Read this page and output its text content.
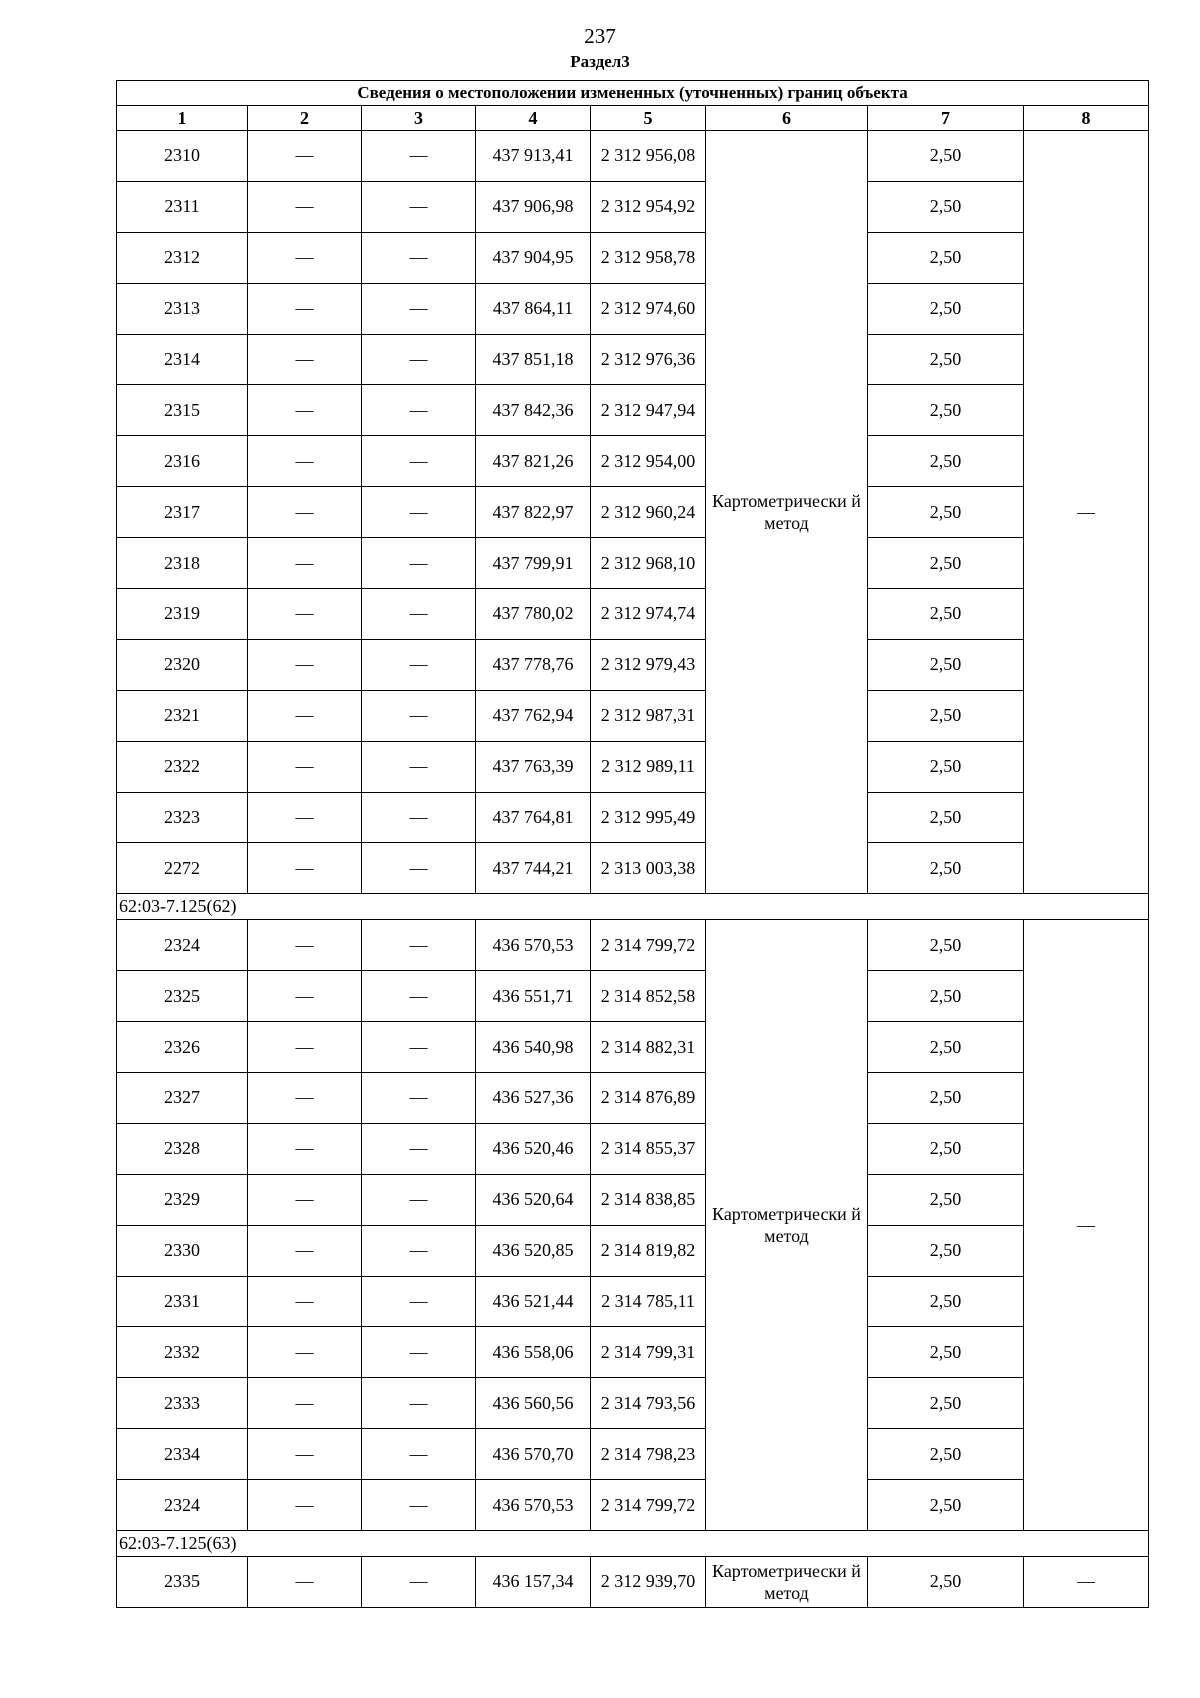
237
Раздел3
Сведения о местоположении измененных (уточненных) границ объекта							
1	2	3	4	5	6	7	8
2310	—	—	437 913,41	2 312 956,08	Картометрически й метод	2,50	—
2311	—	—	437 906,98	2 312 954,92		2,50	
2312	—	—	437 904,95	2 312 958,78		2,50	
2313	—	—	437 864,11	2 312 974,60		2,50	
2314	—	—	437 851,18	2 312 976,36		2,50	
2315	—	—	437 842,36	2 312 947,94		2,50	
2316	—	—	437 821,26	2 312 954,00		2,50	
2317	—	—	437 822,97	2 312 960,24		2,50	
2318	—	—	437 799,91	2 312 968,10		2,50	
2319	—	—	437 780,02	2 312 974,74		2,50	
2320	—	—	437 778,76	2 312 979,43		2,50	
2321	—	—	437 762,94	2 312 987,31		2,50	
2322	—	—	437 763,39	2 312 989,11		2,50	
2323	—	—	437 764,81	2 312 995,49		2,50	
2272	—	—	437 744,21	2 313 003,38		2,50	
62:03-7.125(62)							
2324	—	—	436 570,53	2 314 799,72	Картометрически й метод	2,50	—
2325	—	—	436 551,71	2 314 852,58		2,50	
2326	—	—	436 540,98	2 314 882,31		2,50	
2327	—	—	436 527,36	2 314 876,89		2,50	
2328	—	—	436 520,46	2 314 855,37		2,50	
2329	—	—	436 520,64	2 314 838,85		2,50	
2330	—	—	436 520,85	2 314 819,82		2,50	
2331	—	—	436 521,44	2 314 785,11		2,50	
2332	—	—	436 558,06	2 314 799,31		2,50	
2333	—	—	436 560,56	2 314 793,56		2,50	
2334	—	—	436 570,70	2 314 798,23		2,50	
2324	—	—	436 570,53	2 314 799,72		2,50	
62:03-7.125(63)							
2335	—	—	436 157,34	2 312 939,70	Картометрически й метод	2,50	—
